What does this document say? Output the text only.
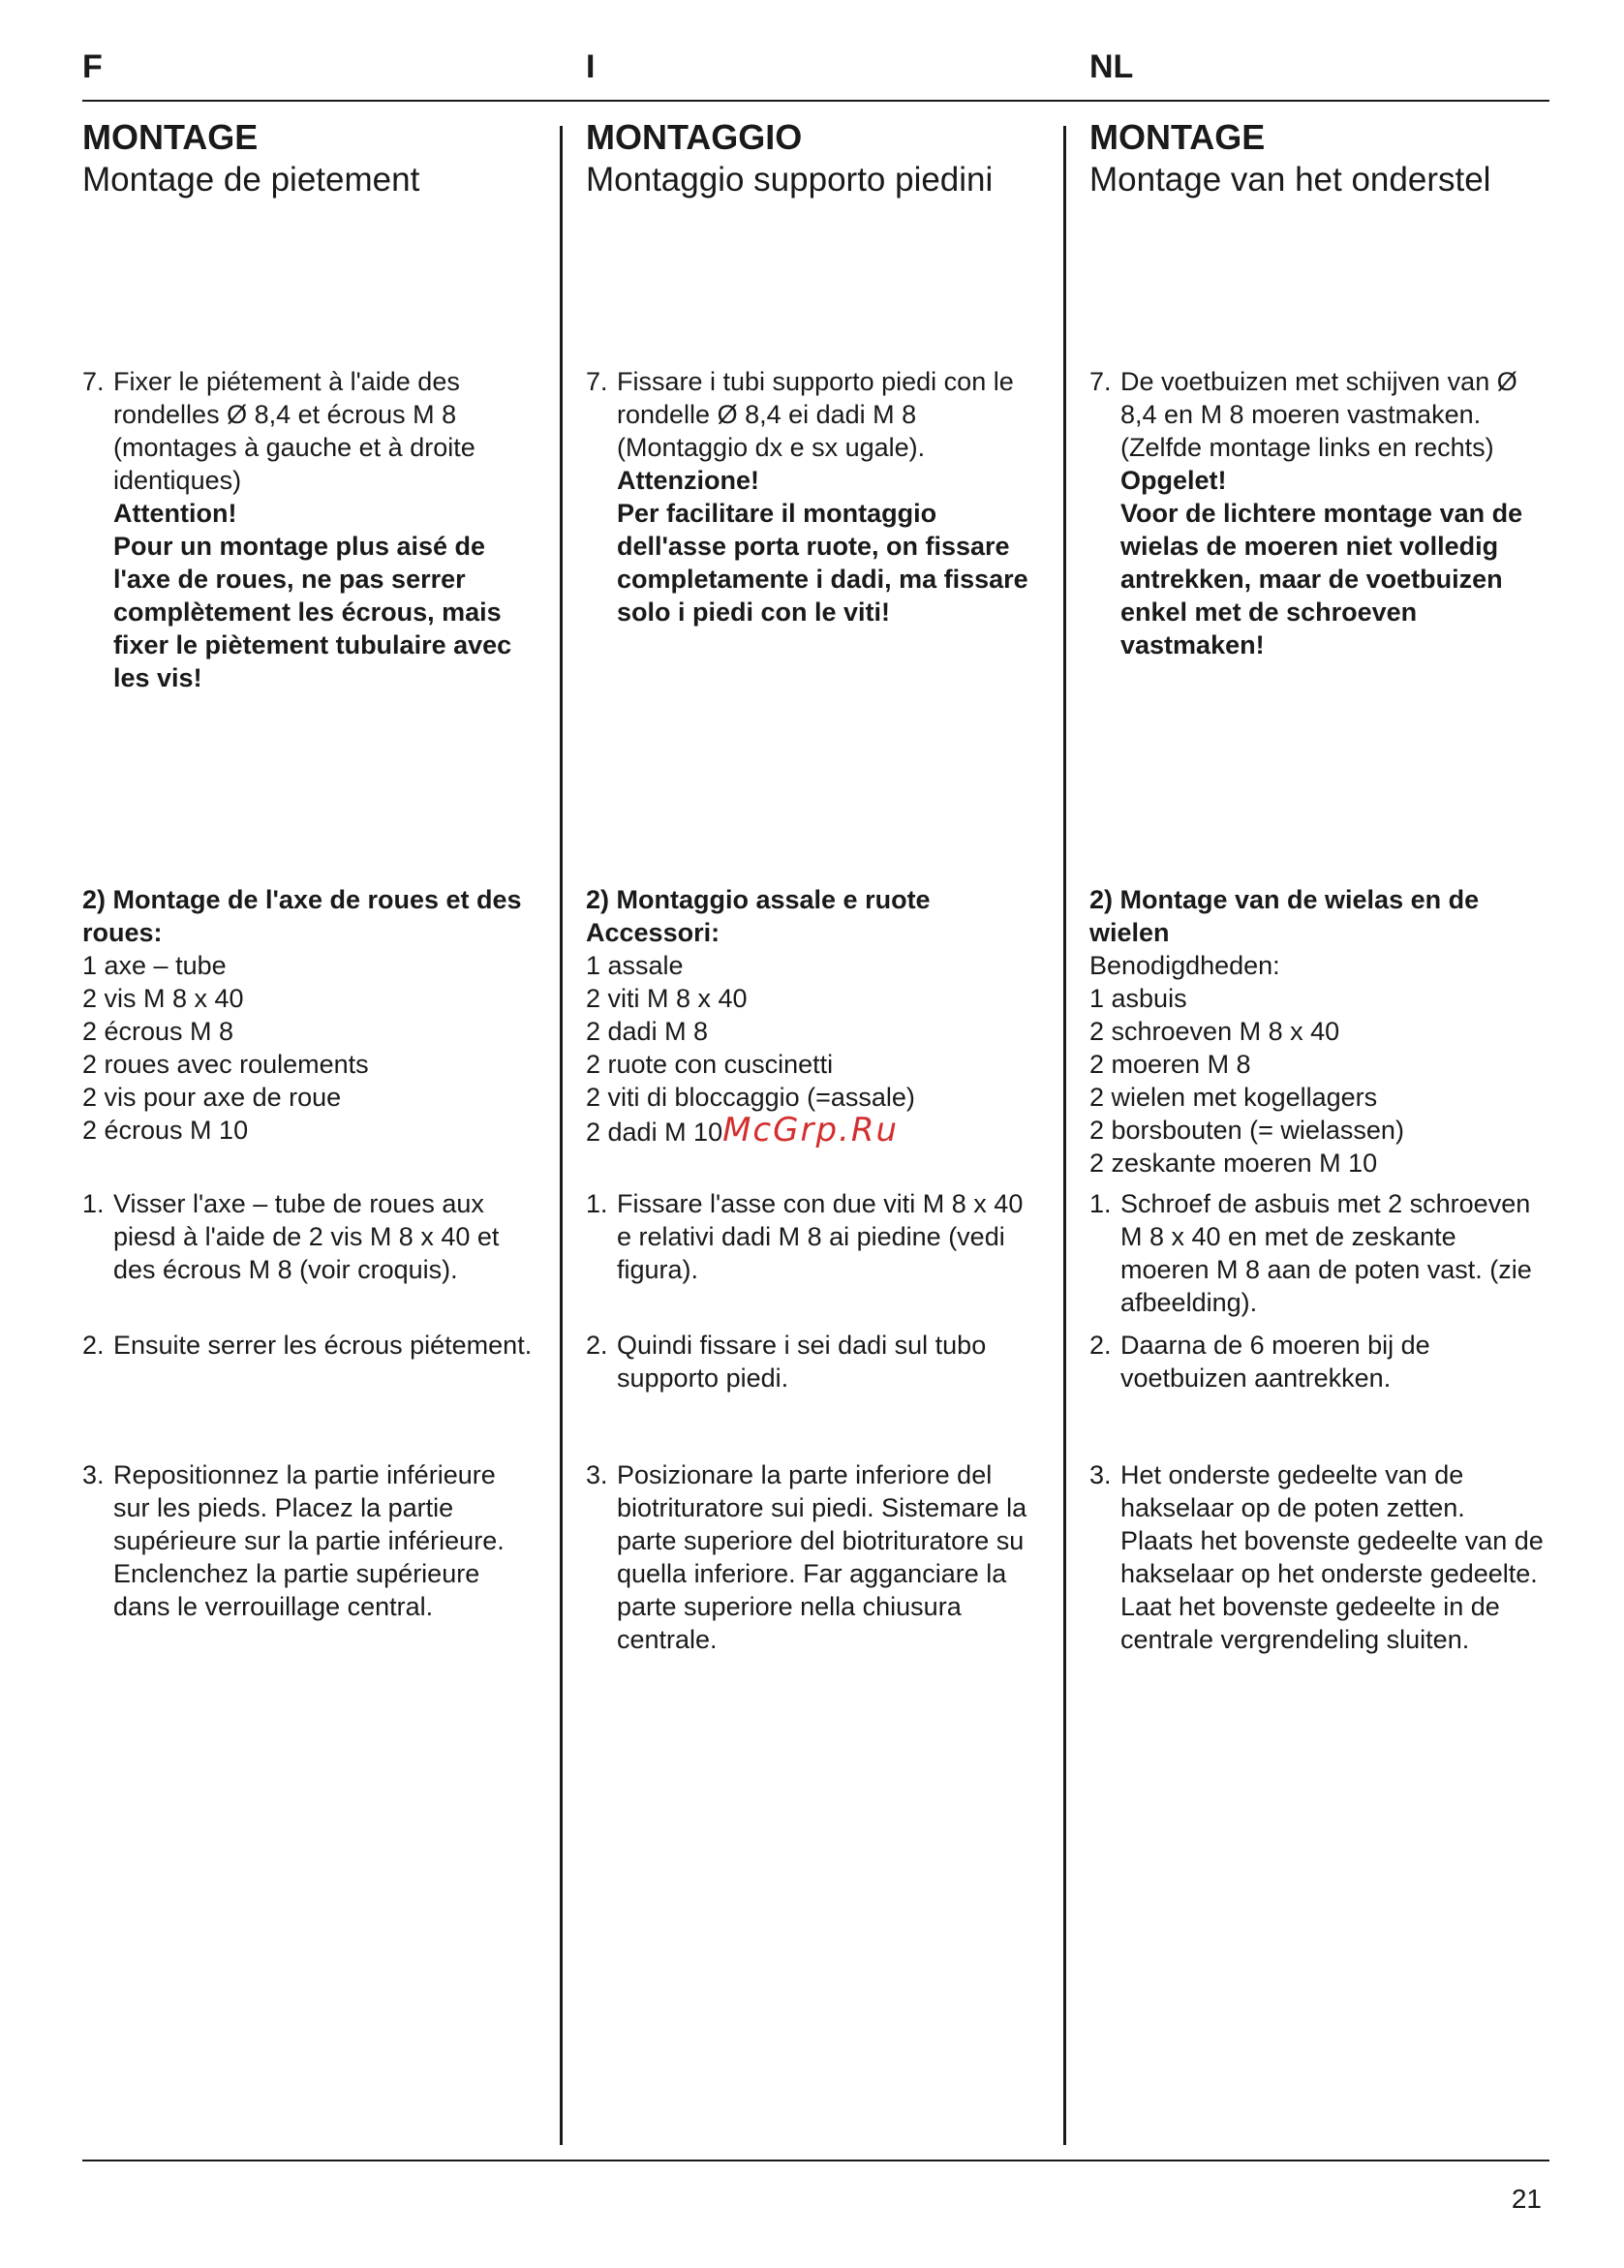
F	I	NL
MONTAGE
Montage de pietement
7. Fixer le piétement à l'aide des rondelles Ø 8,4 et écrous M 8 (montages à gauche et à droite identiques)
Attention!
Pour un montage plus aisé de l'axe de roues, ne pas serrer complètement les écrous, mais fixer le piètement tubulaire avec les vis!
2) Montage de l'axe de roues et des roues:
1 axe – tube
2 vis M 8 x 40
2 écrous M 8
2 roues avec roulements
2 vis pour axe de roue
2 écrous M 10
1. Visser l'axe – tube de roues aux piesd à l'aide de 2 vis M 8 x 40 et des écrous M 8 (voir croquis).
2. Ensuite serrer les écrous piétement.
3. Repositionnez la partie inférieure sur les pieds. Placez la partie supérieure sur la partie inférieure. Enclenchez la partie supérieure dans le verrouillage central.
MONTAGGIO
Montaggio supporto piedini
7. Fissare i tubi supporto piedi con le rondelle Ø 8,4 ei dadi M 8 (Montaggio dx e sx ugale).
Attenzione!
Per facilitare il montaggio dell'asse porta ruote, on fissare completamente i dadi, ma fissare solo i piedi con le viti!
2) Montaggio assale e ruote Accessori:
1 assale
2 viti M 8 x 40
2 dadi M 8
2 ruote con cuscinetti
2 viti di bloccaggio (=assale)
2 dadi M 10McGrp.Ru
1. Fissare l'asse con due viti M 8 x 40 e relativi dadi M 8 ai piedine (vedi figura).
2. Quindi fissare i sei dadi sul tubo supporto piedi.
3. Posizionare la parte inferiore del biotrituratore sui piedi. Sistemare la parte superiore del biotrituratore su quella inferiore. Far agganciare la parte superiore nella chiusura centrale.
MONTAGE
Montage van het onderstel
7. De voetbuizen met schijven van Ø 8,4 en M 8 moeren vastmaken. (Zelfde montage links en rechts)
Opgelet!
Voor de lichtere montage van de wielas de moeren niet volledig antrekken, maar de voetbuizen enkel met de schroeven vastmaken!
2) Montage van de wielas en de wielen
Benodigdheden:
1 asbuis
2 schroeven M 8 x 40
2 moeren M 8
2 wielen met kogellagers
2 borsbouten (= wielassen)
2 zeskante moeren M 10
1. Schroef de asbuis met 2 schroeven M 8 x 40 en met de zeskante moeren M 8 aan de poten vast. (zie afbeelding).
2. Daarna de 6 moeren bij de voetbuizen aantrekken.
3. Het onderste gedeelte van de hakselaar op de poten zetten. Plaats het bovenste gedeelte van de hakselaar op het onderste gedeelte. Laat het bovenste gedeelte in de centrale vergrendeling sluiten.
21
